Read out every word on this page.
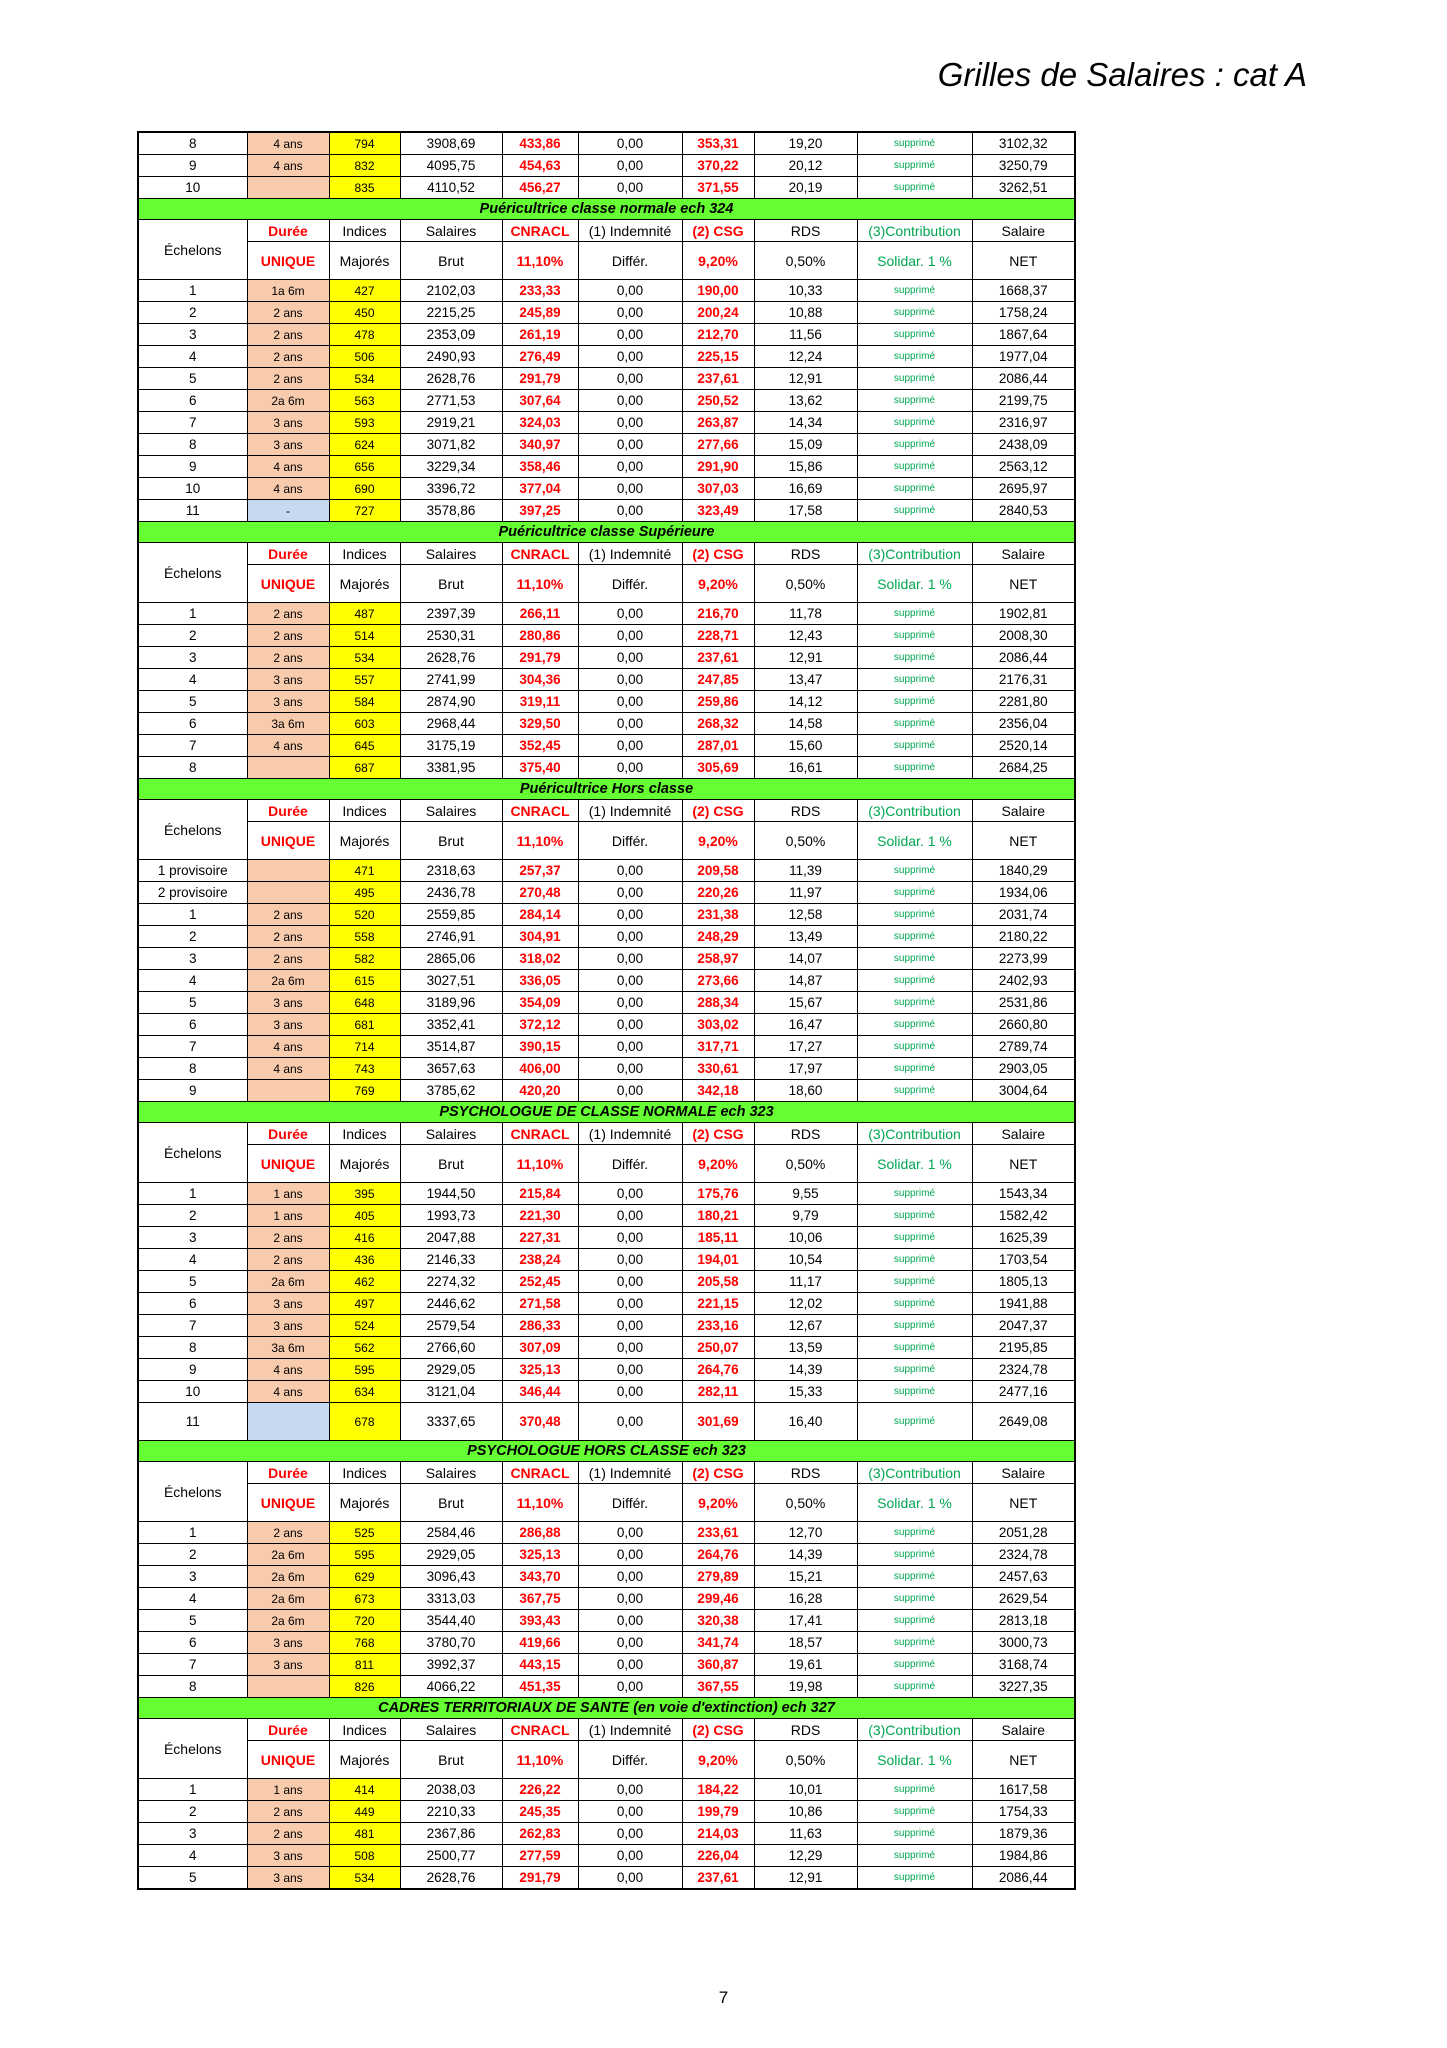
Grilles de Salaires : cat A
8	4 ans	794	3908,69	433,86	0,00	353,31	19,20	supprimé	3102,32
9	4 ans	832	4095,75	454,63	0,00	370,22	20,12	supprimé	3250,79
10		835	4110,52	456,27	0,00	371,55	20,19	supprimé	3262,51
Puéricultrice classe normale ech 324									
Échelons	Durée	Indices	Salaires	CNRACL	(1) Indemnité	(2) CSG	RDS	(3)Contribution	Salaire
	UNIQUE	Majorés	Brut	11,10%	Différ.	9,20%	0,50%	Solidar. 1 %	NET
1	1a 6m	427	2102,03	233,33	0,00	190,00	10,33	supprimé	1668,37
2	2 ans	450	2215,25	245,89	0,00	200,24	10,88	supprimé	1758,24
3	2 ans	478	2353,09	261,19	0,00	212,70	11,56	supprimé	1867,64
4	2 ans	506	2490,93	276,49	0,00	225,15	12,24	supprimé	1977,04
5	2 ans	534	2628,76	291,79	0,00	237,61	12,91	supprimé	2086,44
6	2a 6m	563	2771,53	307,64	0,00	250,52	13,62	supprimé	2199,75
7	3 ans	593	2919,21	324,03	0,00	263,87	14,34	supprimé	2316,97
8	3 ans	624	3071,82	340,97	0,00	277,66	15,09	supprimé	2438,09
9	4 ans	656	3229,34	358,46	0,00	291,90	15,86	supprimé	2563,12
10	4 ans	690	3396,72	377,04	0,00	307,03	16,69	supprimé	2695,97
11	-	727	3578,86	397,25	0,00	323,49	17,58	supprimé	2840,53
Puéricultrice classe Supérieure									
Échelons	Durée	Indices	Salaires	CNRACL	(1) Indemnité	(2) CSG	RDS	(3)Contribution	Salaire
	UNIQUE	Majorés	Brut	11,10%	Différ.	9,20%	0,50%	Solidar. 1 %	NET
1	2 ans	487	2397,39	266,11	0,00	216,70	11,78	supprimé	1902,81
2	2 ans	514	2530,31	280,86	0,00	228,71	12,43	supprimé	2008,30
3	2 ans	534	2628,76	291,79	0,00	237,61	12,91	supprimé	2086,44
4	3 ans	557	2741,99	304,36	0,00	247,85	13,47	supprimé	2176,31
5	3 ans	584	2874,90	319,11	0,00	259,86	14,12	supprimé	2281,80
6	3a 6m	603	2968,44	329,50	0,00	268,32	14,58	supprimé	2356,04
7	4 ans	645	3175,19	352,45	0,00	287,01	15,60	supprimé	2520,14
8		687	3381,95	375,40	0,00	305,69	16,61	supprimé	2684,25
Puéricultrice Hors classe									
Échelons	Durée	Indices	Salaires	CNRACL	(1) Indemnité	(2) CSG	RDS	(3)Contribution	Salaire
	UNIQUE	Majorés	Brut	11,10%	Différ.	9,20%	0,50%	Solidar. 1 %	NET
1 provisoire		471	2318,63	257,37	0,00	209,58	11,39	supprimé	1840,29
2 provisoire		495	2436,78	270,48	0,00	220,26	11,97	supprimé	1934,06
1	2 ans	520	2559,85	284,14	0,00	231,38	12,58	supprimé	2031,74
2	2 ans	558	2746,91	304,91	0,00	248,29	13,49	supprimé	2180,22
3	2 ans	582	2865,06	318,02	0,00	258,97	14,07	supprimé	2273,99
4	2a 6m	615	3027,51	336,05	0,00	273,66	14,87	supprimé	2402,93
5	3 ans	648	3189,96	354,09	0,00	288,34	15,67	supprimé	2531,86
6	3 ans	681	3352,41	372,12	0,00	303,02	16,47	supprimé	2660,80
7	4 ans	714	3514,87	390,15	0,00	317,71	17,27	supprimé	2789,74
8	4 ans	743	3657,63	406,00	0,00	330,61	17,97	supprimé	2903,05
9		769	3785,62	420,20	0,00	342,18	18,60	supprimé	3004,64
PSYCHOLOGUE DE CLASSE NORMALE ech 323									
Échelons	Durée	Indices	Salaires	CNRACL	(1) Indemnité	(2) CSG	RDS	(3)Contribution	Salaire
	UNIQUE	Majorés	Brut	11,10%	Différ.	9,20%	0,50%	Solidar. 1 %	NET
1	1 ans	395	1944,50	215,84	0,00	175,76	9,55	supprimé	1543,34
2	1 ans	405	1993,73	221,30	0,00	180,21	9,79	supprimé	1582,42
3	2 ans	416	2047,88	227,31	0,00	185,11	10,06	supprimé	1625,39
4	2 ans	436	2146,33	238,24	0,00	194,01	10,54	supprimé	1703,54
5	2a 6m	462	2274,32	252,45	0,00	205,58	11,17	supprimé	1805,13
6	3 ans	497	2446,62	271,58	0,00	221,15	12,02	supprimé	1941,88
7	3 ans	524	2579,54	286,33	0,00	233,16	12,67	supprimé	2047,37
8	3a 6m	562	2766,60	307,09	0,00	250,07	13,59	supprimé	2195,85
9	4 ans	595	2929,05	325,13	0,00	264,76	14,39	supprimé	2324,78
10	4 ans	634	3121,04	346,44	0,00	282,11	15,33	supprimé	2477,16
11		678	3337,65	370,48	0,00	301,69	16,40	supprimé	2649,08
PSYCHOLOGUE HORS CLASSE ech 323									
Échelons	Durée	Indices	Salaires	CNRACL	(1) Indemnité	(2) CSG	RDS	(3)Contribution	Salaire
	UNIQUE	Majorés	Brut	11,10%	Différ.	9,20%	0,50%	Solidar. 1 %	NET
1	2 ans	525	2584,46	286,88	0,00	233,61	12,70	supprimé	2051,28
2	2a 6m	595	2929,05	325,13	0,00	264,76	14,39	supprimé	2324,78
3	2a 6m	629	3096,43	343,70	0,00	279,89	15,21	supprimé	2457,63
4	2a 6m	673	3313,03	367,75	0,00	299,46	16,28	supprimé	2629,54
5	2a 6m	720	3544,40	393,43	0,00	320,38	17,41	supprimé	2813,18
6	3 ans	768	3780,70	419,66	0,00	341,74	18,57	supprimé	3000,73
7	3 ans	811	3992,37	443,15	0,00	360,87	19,61	supprimé	3168,74
8		826	4066,22	451,35	0,00	367,55	19,98	supprimé	3227,35
CADRES TERRITORIAUX DE SANTE (en voie d'extinction) ech 327									
Échelons	Durée	Indices	Salaires	CNRACL	(1) Indemnité	(2) CSG	RDS	(3)Contribution	Salaire
	UNIQUE	Majorés	Brut	11,10%	Différ.	9,20%	0,50%	Solidar. 1 %	NET
1	1 ans	414	2038,03	226,22	0,00	184,22	10,01	supprimé	1617,58
2	2 ans	449	2210,33	245,35	0,00	199,79	10,86	supprimé	1754,33
3	2 ans	481	2367,86	262,83	0,00	214,03	11,63	supprimé	1879,36
4	3 ans	508	2500,77	277,59	0,00	226,04	12,29	supprimé	1984,86
5	3 ans	534	2628,76	291,79	0,00	237,61	12,91	supprimé	2086,44
7
